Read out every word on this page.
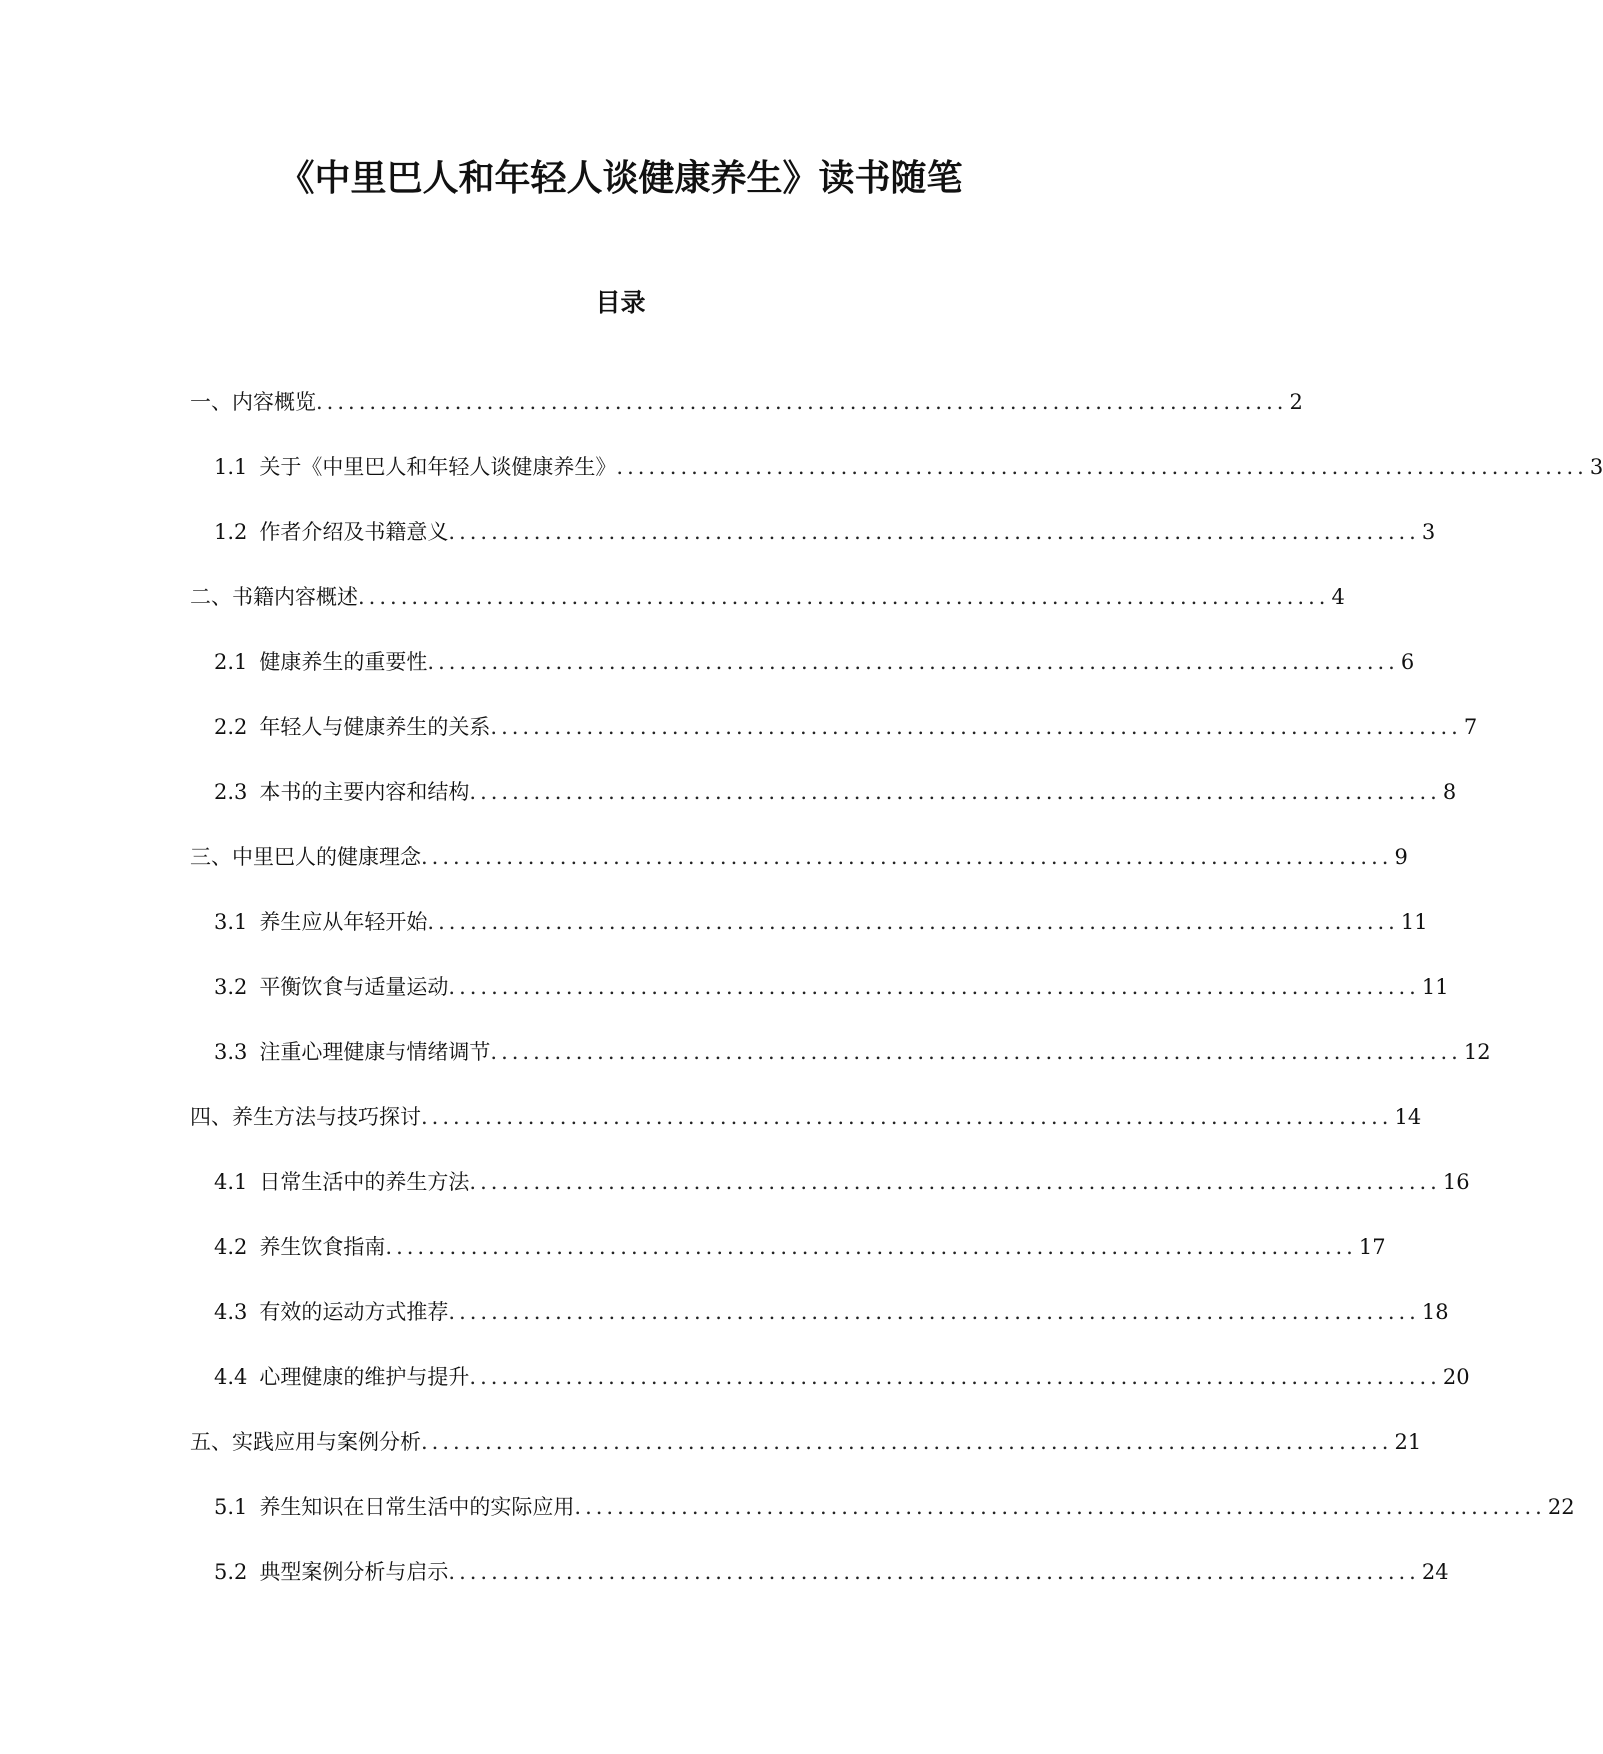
《中里巴人和年轻人谈健康养生》读书随笔
目录
一、内容概览 ........................................................................................... 2
1.1 关于《中里巴人和年轻人谈健康养生》 ........................................................................................... 3
1.2 作者介绍及书籍意义 ........................................................................................... 3
二、书籍内容概述 ........................................................................................... 4
2.1 健康养生的重要性 ........................................................................................... 6
2.2 年轻人与健康养生的关系 ........................................................................................... 7
2.3 本书的主要内容和结构 ........................................................................................... 8
三、中里巴人的健康理念 ........................................................................................... 9
3.1 养生应从年轻开始 ........................................................................................... 11
3.2 平衡饮食与适量运动 ........................................................................................... 11
3.3 注重心理健康与情绪调节 ........................................................................................... 12
四、养生方法与技巧探讨 ........................................................................................... 14
4.1 日常生活中的养生方法 ........................................................................................... 16
4.2 养生饮食指南 ........................................................................................... 17
4.3 有效的运动方式推荐 ........................................................................................... 18
4.4 心理健康的维护与提升 ........................................................................................... 20
五、实践应用与案例分析 ........................................................................................... 21
5.1 养生知识在日常生活中的实际应用 ........................................................................................... 22
5.2 典型案例分析与启示 ........................................................................................... 24
